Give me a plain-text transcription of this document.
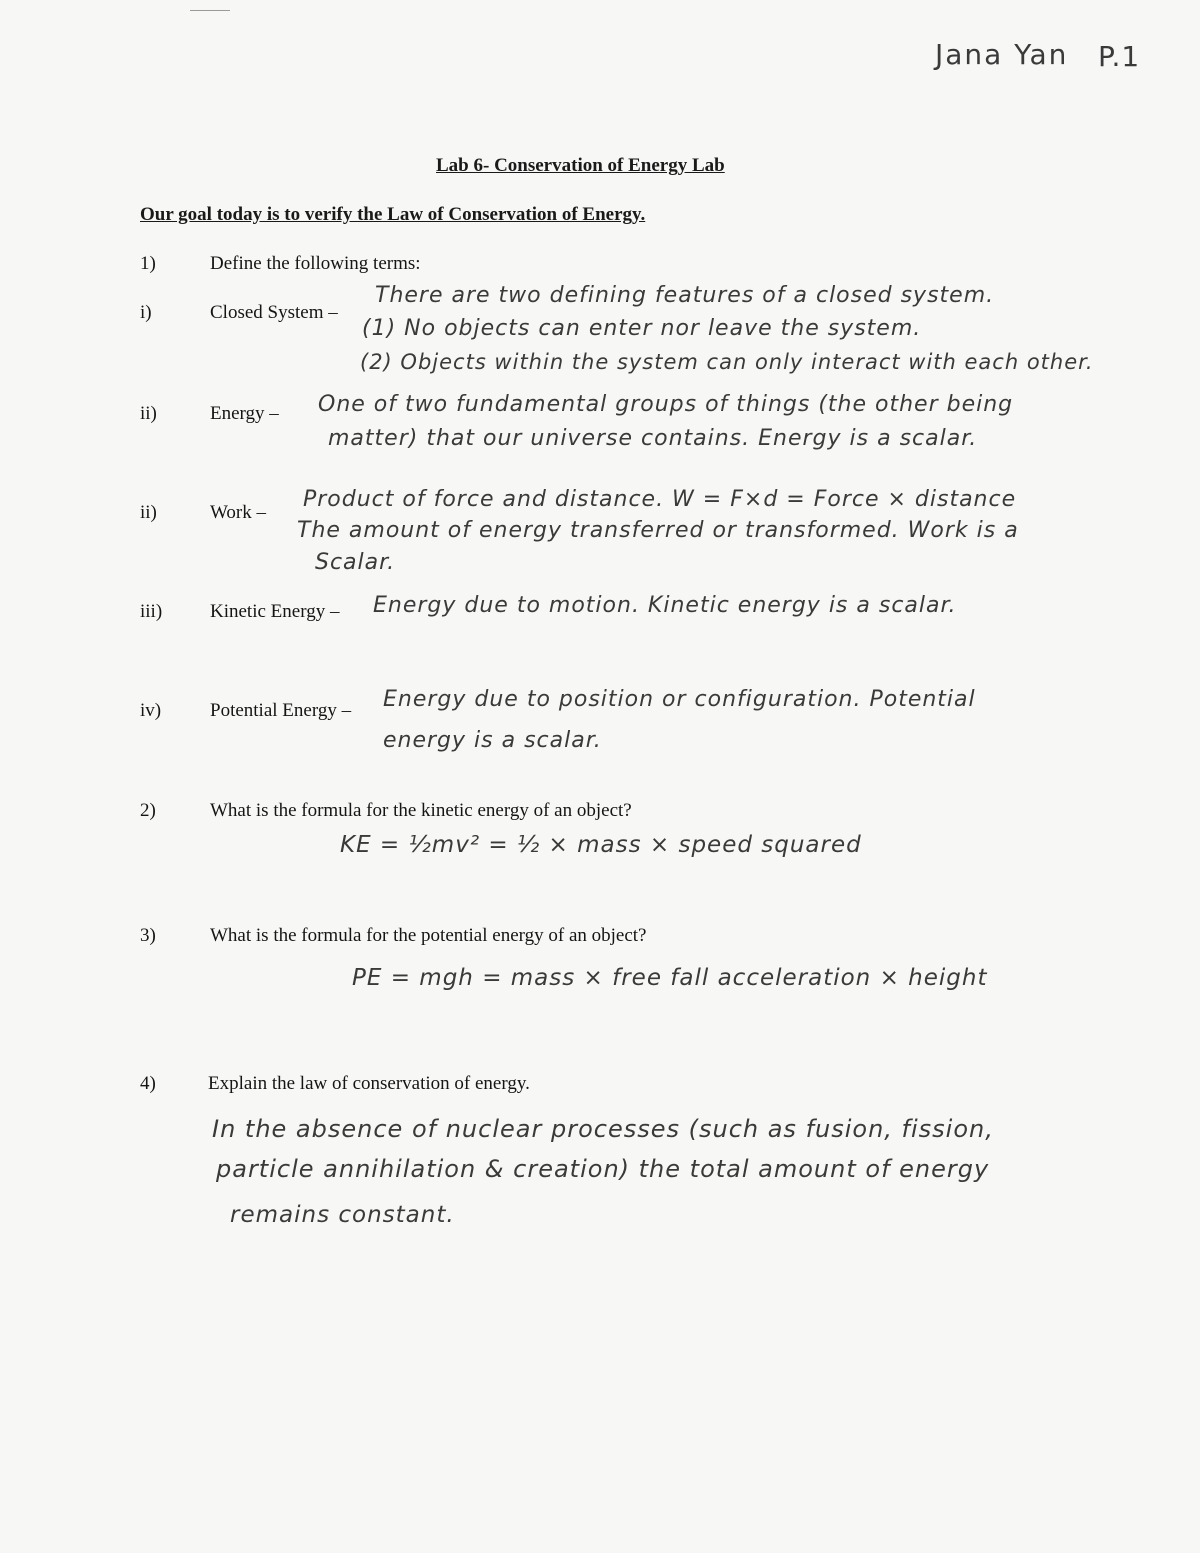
Jana Yan P.1
Lab 6- Conservation of Energy Lab
Our goal today is to verify the Law of Conservation of Energy.
1)	Define the following terms:
i)	Closed System –
There are two defining features of a closed system.
(1) No objects can enter nor leave the system.
(2) Objects within the system can only interact with each other.
ii)	Energy – One of two fundamental groups of things (the other being
matter) that our universe contains. Energy is a scalar.
ii)	Work –
Product of force and distance. W = F×d = Force × distance
The amount of energy transferred or transformed. Work is a
Scalar.
iii)	Kinetic Energy – Energy due to motion. Kinetic energy is a scalar.
iv)	Potential Energy – Energy due to position or configuration. Potential
energy is a scalar.
2)	What is the formula for the kinetic energy of an object?
KE = ½mv² = ½ × mass × speed squared
3)	What is the formula for the potential energy of an object?
PE = mgh = mass × free fall acceleration × height
4)	Explain the law of conservation of energy.
In the absence of nuclear processes (such as fusion, fission,
particle annihilation & creation) the total amount of energy
remains constant.
